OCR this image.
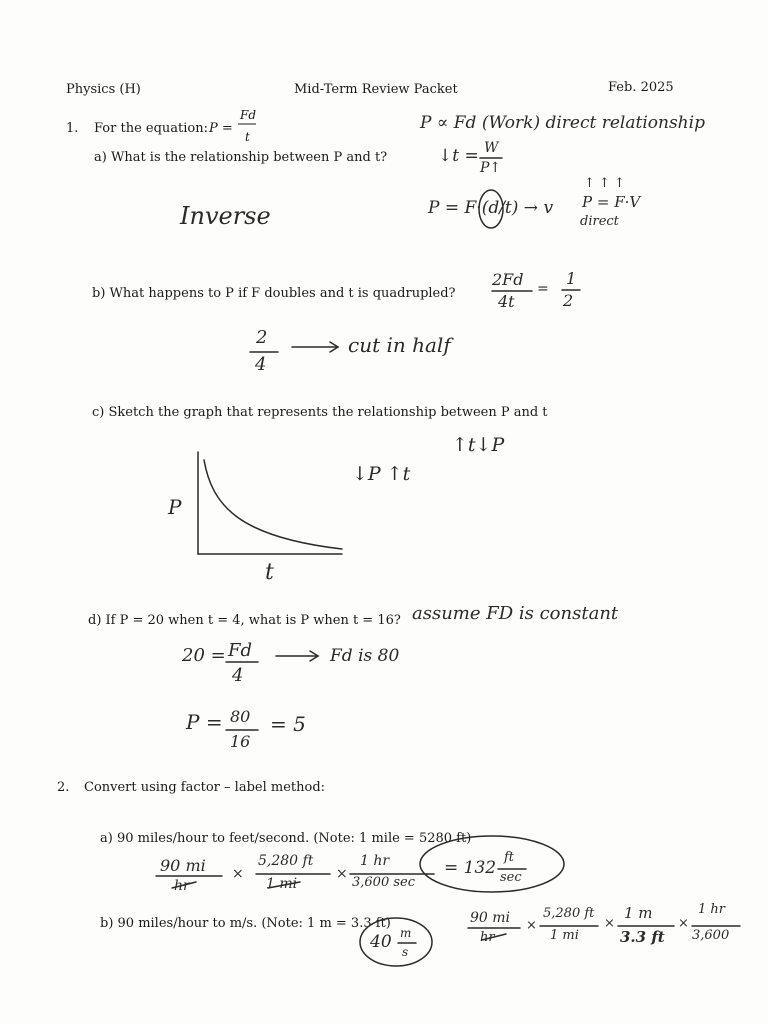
Physics (H)	Mid-Term Review Packet	Feb. 2025
1. For the equation: P =
Fd
t
a) What is the relationship between P and t?
b) What happens to P if F doubles and t is quadrupled?
c) Sketch the graph that represents the relationship between P and t
d) If P = 20 when t = 4, what is P when t = 16?
2. Convert using factor – label method:
a) 90 miles/hour to feet/second. (Note: 1 mile = 5280 ft)
b) 90 miles/hour to m/s. (Note: 1 m = 3.3 ft)
P ∝ Fd (Work) direct relationship
Inverse
↓t = W
P↑
P = F·(d/t) → v
↑ ↑ ↑
P = F·V
direct
2Fd
4t
=
1
2
2
4
cut in half
↑t↓P
↓P ↑t
P
t
assume FD is constant
20 = Fd
4
Fd is 80
P = 80
16
= 5
90 mi
hr
×
5,280 ft
1 mi
×
1 hr
3,600 sec
= 132
ft
sec
40 m
s
90 mi
hr
×
5,280 ft
1 mi
×
1 m
3.3 ft
×
1 hr
3,600
